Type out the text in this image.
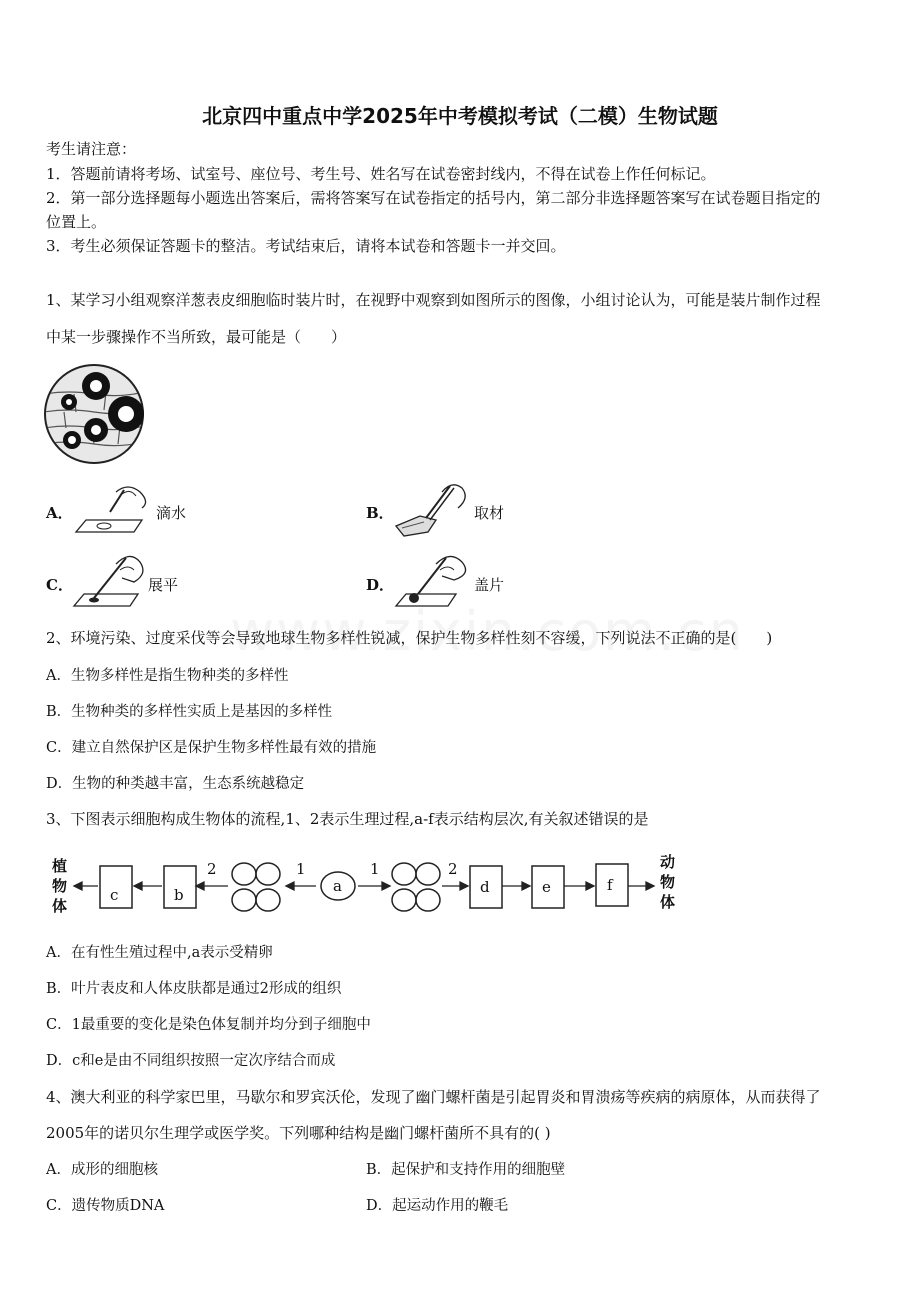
北京四中重点中学2025年中考模拟考试（二模）生物试题
考生请注意：
1．答题前请将考场、试室号、座位号、考生号、姓名写在试卷密封线内，不得在试卷上作任何标记。
2．第一部分选择题每小题选出答案后，需将答案写在试卷指定的括号内，第二部分非选择题答案写在试卷题目指定的
位置上。
3．考生必须保证答题卡的整洁。考试结束后，请将本试卷和答题卡一并交回。
1、某学习小组观察洋葱表皮细胞临时装片时，在视野中观察到如图所示的图像，小组讨论认为，可能是装片制作过程
中某一步骤操作不当所致，最可能是（　　）
A．	滴水	B．	取材
C．	展平	D．	盖片
2、环境污染、过度采伐等会导致地球生物多样性锐减，保护生物多样性刻不容缓，下列说法不正确的是(　　)
A．生物多样性是指生物种类的多样性
B．生物种类的多样性实质上是基因的多样性
C．建立自然保护区是保护生物多样性最有效的措施
D．生物的种类越丰富，生态系统越稳定
3、下图表示细胞构成生物体的流程,1、2表示生理过程,a-f表示结构层次,有关叙述错误的是
植
物
体
c	b	a	d	e	f
2	1	1	2	动
物
体
A．在有性生殖过程中,a表示受精卵
B．叶片表皮和人体皮肤都是通过2形成的组织
C．1最重要的变化是染色体复制并均分到子细胞中
D．c和e是由不同组织按照一定次序结合而成
4、澳大利亚的科学家巴里，马歇尔和罗宾沃伦，发现了幽门螺杆菌是引起胃炎和胃溃疡等疾病的病原体，从而获得了
2005年的诺贝尔生理学或医学奖。下列哪种结构是幽门螺杆菌所不具有的( )
A．成形的细胞核	B．起保护和支持作用的细胞壁
C．遗传物质DNA	D．起运动作用的鞭毛
